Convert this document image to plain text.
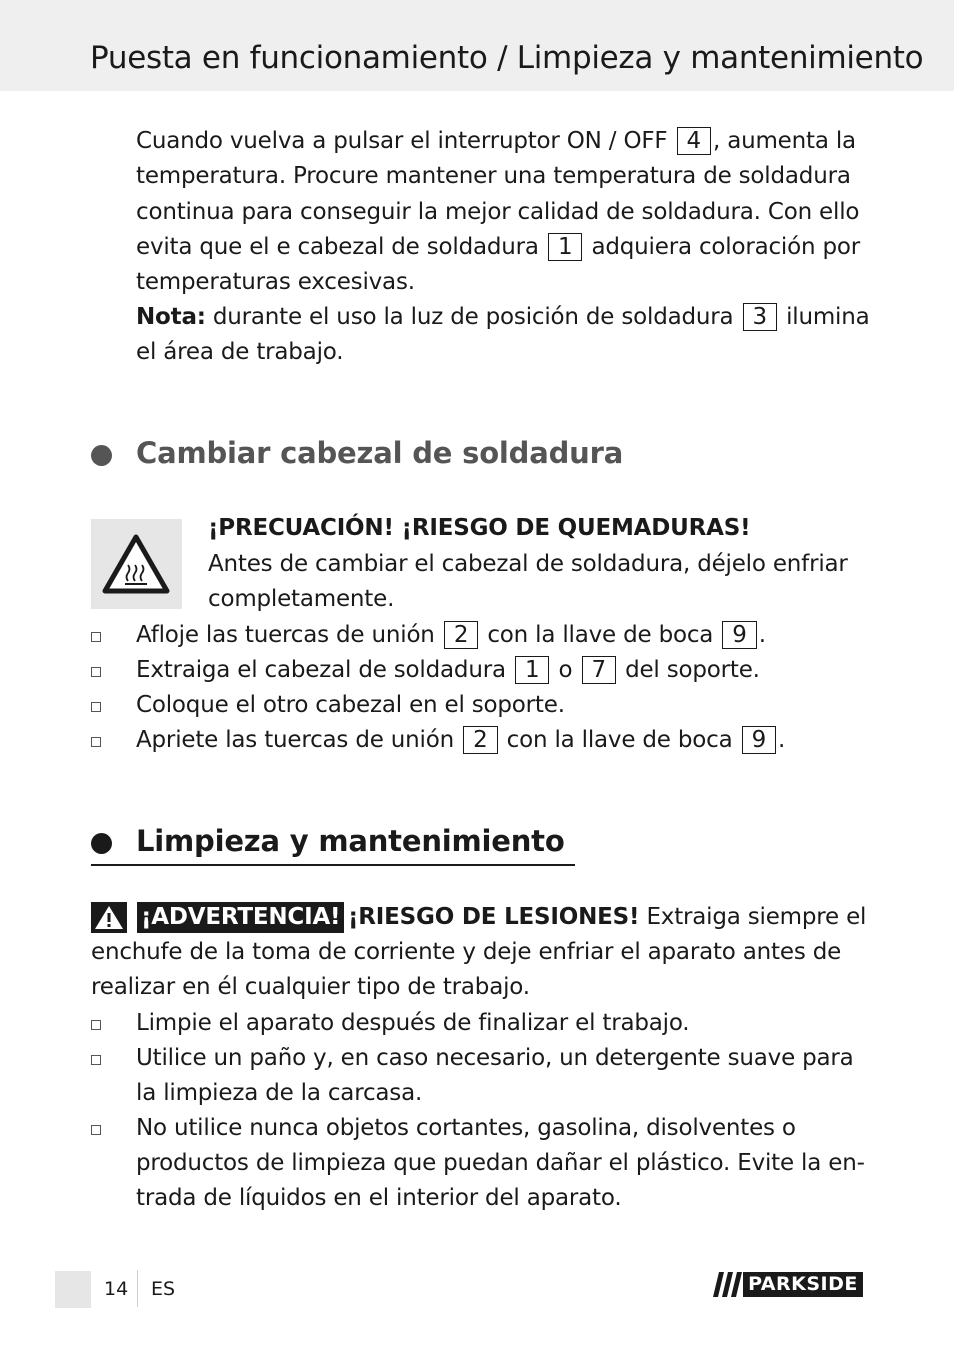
Puesta en funcionamiento / Limpieza y mantenimiento

Cuando vuelva a pulsar el interruptor ON / OFF 4 , aumenta la

temperatura. Procure mantener una temperatura de soldadura

continua para conseguir la mejor calidad de soldadura. Con ello

evita que el e cabezal de soldadura 1 adquiera coloración por

temperaturas excesivas.

Nota: durante el uso la luz de posición de soldadura 3 ilumina

el área de trabajo.

Cambiar cabezal de soldadura

¡PRECUACIÓN! ¡RIESGO DE QUEMADURAS!

Antes de cambiar el cabezal de soldadura, déjelo enfriar

completamente.

Afloje las tuercas de unión 2 con la llave de boca 9 .

Extraiga el cabezal de soldadura 1 o 7 del soporte.

Coloque el otro cabezal en el soporte.

Apriete las tuercas de unión 2 con la llave de boca 9 .

Limpieza y mantenimiento
¡ADVERTENCIA! ¡RIESGO DE LESIONES! Extraiga siempre el

enchufe de la toma de corriente y deje enfriar el aparato antes de

realizar en él cualquier tipo de trabajo.

Limpie el aparato después de finalizar el trabajo.

Utilice un paño y, en caso necesario, un detergente suave para

la limpieza de la carcasa.

No utilice nunca objetos cortantes, gasolina, disolventes o

productos de limpieza que puedan dañar el plástico. Evite la en-

trada de líquidos en el interior del aparato.

14 ES	PARKSIDE
